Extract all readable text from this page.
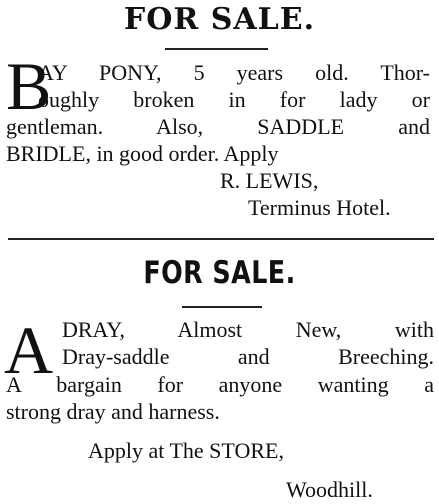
FOR SALE.
B
AY PONY, 5 years old. Thor-
oughly broken in for lady or
gentleman. Also, SADDLE and
BRIDLE, in good order. Apply
R. LEWIS,
Terminus Hotel.
FOR SALE.
A DRAY, Almost New, with
Dray-saddle and Breeching.
A bargain for anyone wanting a
strong dray and harness.
Apply at The STORE,
Woodhill.
